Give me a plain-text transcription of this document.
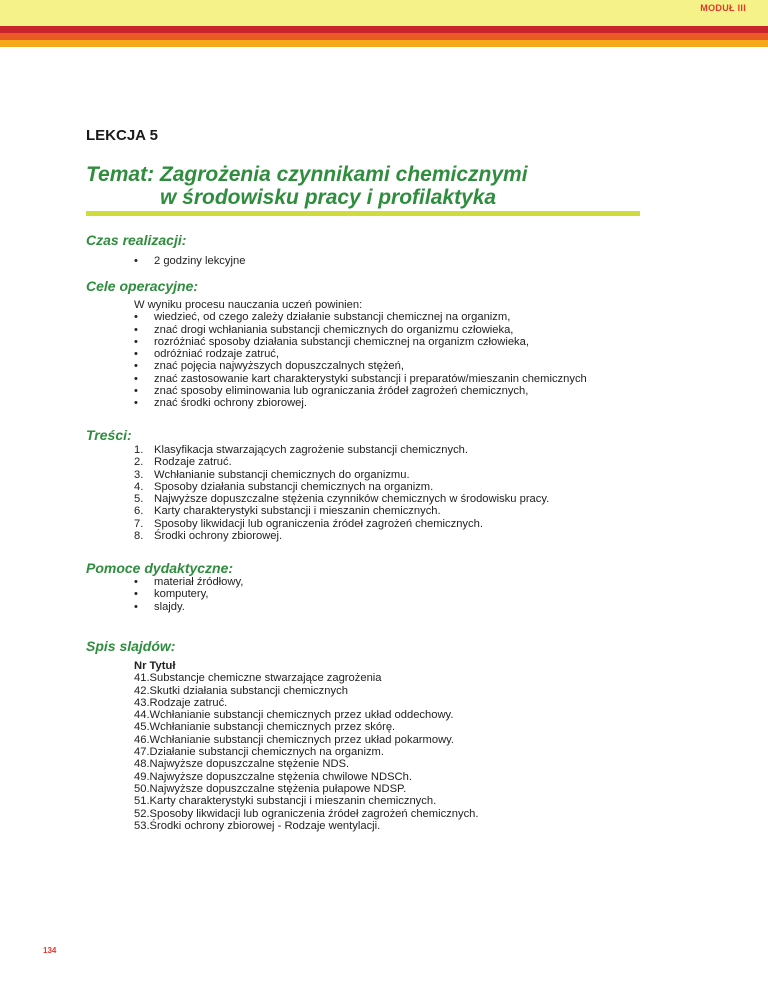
MODUŁ III
LEKCJA 5
Temat: Zagrożenia czynnikami chemicznymi
w środowisku pracy i profilaktyka
Czas realizacji:
• 2 godziny lekcyjne
Cele operacyjne:
W wyniku procesu nauczania uczeń powinien:
• wiedzieć, od czego zależy działanie substancji chemicznej na organizm,
• znać drogi wchłaniania substancji chemicznych do organizmu człowieka,
• rozróżniać sposoby działania substancji chemicznej na organizm człowieka,
• odróżniać rodzaje zatruć,
• znać pojęcia najwyższych dopuszczalnych stężeń,
• znać zastosowanie kart charakterystyki substancji i preparatów/mieszanin chemicznych
• znać sposoby eliminowania lub ograniczania źródeł zagrożeń chemicznych,
• znać środki ochrony zbiorowej.
Treści:
1. Klasyfikacja stwarzających zagrożenie substancji chemicznych.
2. Rodzaje zatruć.
3. Wchłanianie substancji chemicznych do organizmu.
4. Sposoby działania substancji chemicznych na organizm.
5. Najwyższe dopuszczalne stężenia czynników chemicznych w środowisku pracy.
6. Karty charakterystyki substancji i mieszanin chemicznych.
7. Sposoby likwidacji lub ograniczenia źródeł zagrożeń chemicznych.
8. Środki ochrony zbiorowej.
Pomoce dydaktyczne:
• materiał źródłowy,
• komputery,
• slajdy.
Spis slajdów:
Nr Tytuł
41.Substancje chemiczne stwarzające zagrożenia
42.Skutki działania substancji chemicznych
43.Rodzaje zatruć.
44.Wchłanianie substancji chemicznych przez układ oddechowy.
45.Wchłanianie substancji chemicznych przez skórę.
46.Wchłanianie substancji chemicznych przez układ pokarmowy.
47.Działanie substancji chemicznych na organizm.
48.Najwyższe dopuszczalne stężenie NDS.
49.Najwyższe dopuszczalne stężenia chwilowe NDSCh.
50.Najwyższe dopuszczalne stężenia pułapowe NDSP.
51.Karty charakterystyki substancji i mieszanin chemicznych.
52.Sposoby likwidacji lub ograniczenia źródeł zagrożeń chemicznych.
53.Środki ochrony zbiorowej - Rodzaje wentylacji.
134
